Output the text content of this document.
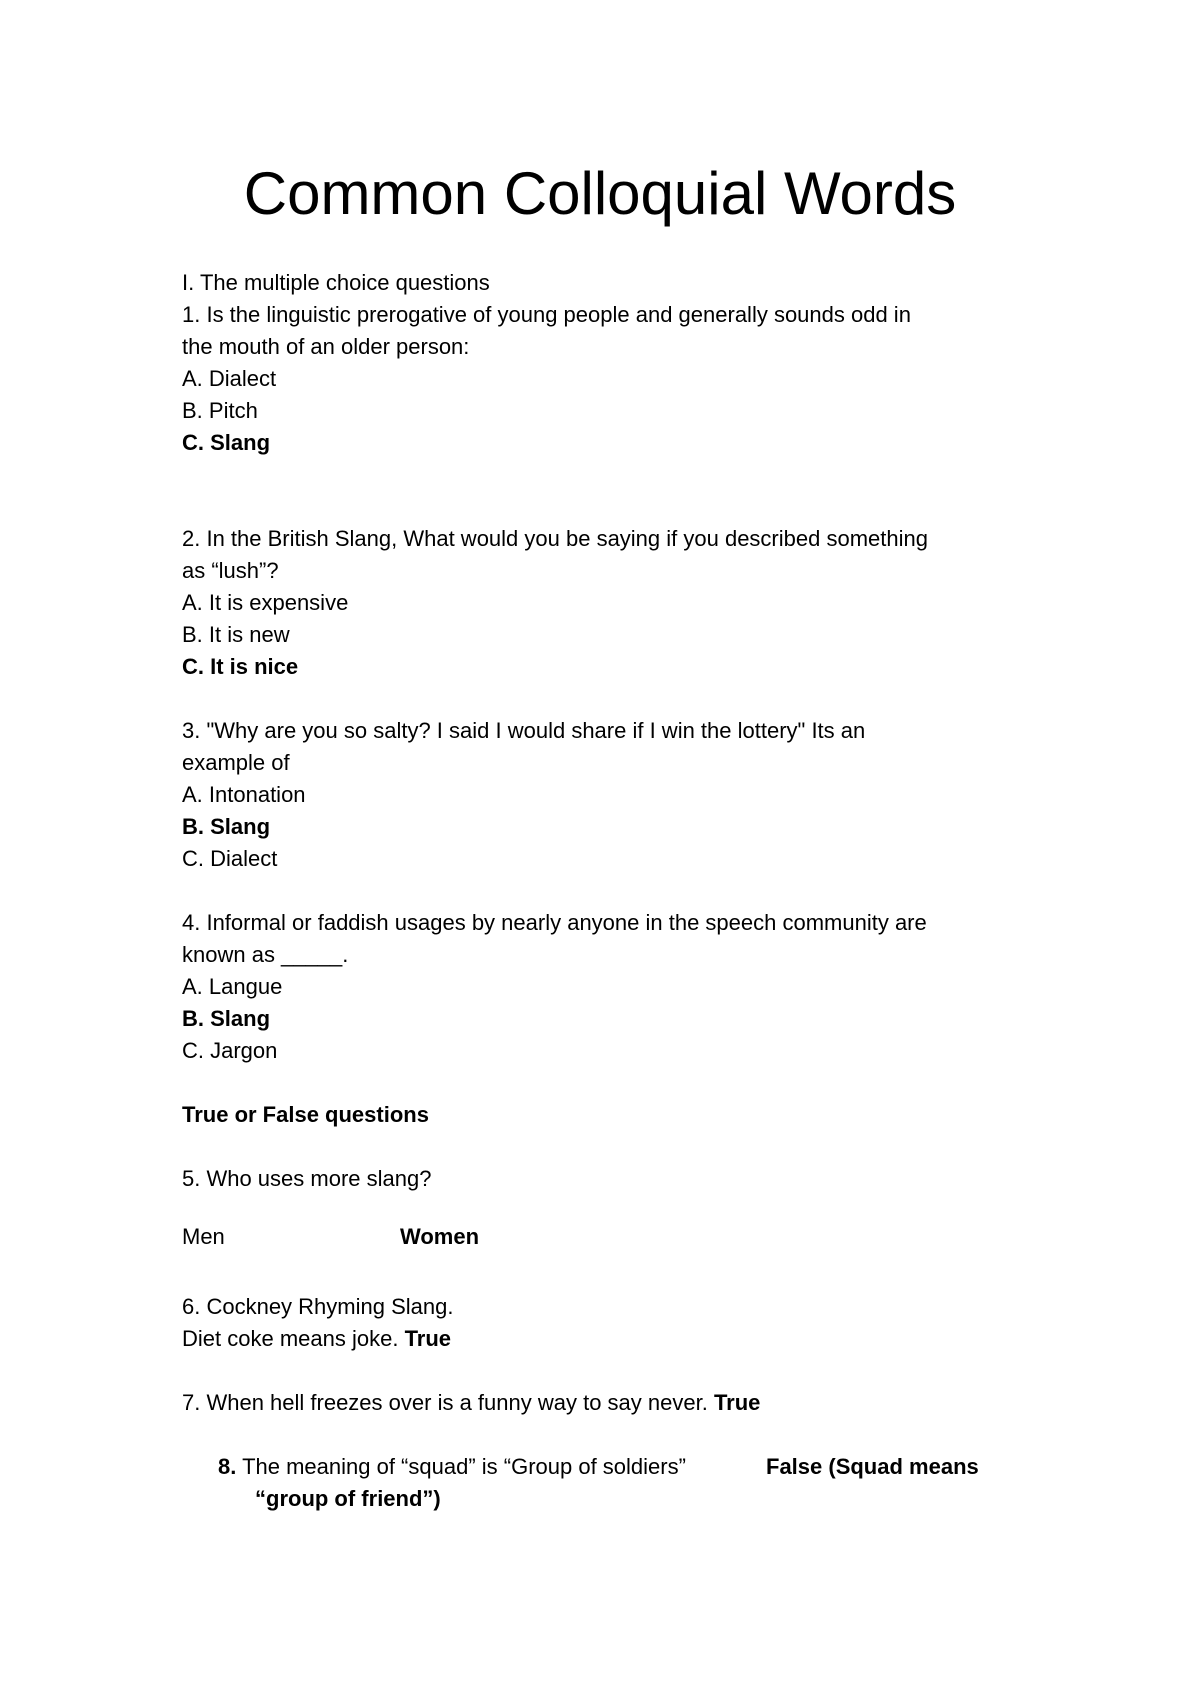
Common Colloquial Words
I. The multiple choice questions
1. Is the linguistic prerogative of young people and generally sounds odd in
the mouth of an older person:
A. Dialect
B. Pitch
C. Slang
2. In the British Slang, What would you be saying if you described something
as “lush”?
A. It is expensive
B. It is new
C. It is nice
3. "Why are you so salty? I said I would share if I win the lottery" Its an
example of
A. Intonation
B. Slang
C. Dialect
4. Informal or faddish usages by nearly anyone in the speech community are
known as _____.
A. Langue
B. Slang
C. Jargon
True or False questions
5. Who uses more slang?
Men	Women
6. Cockney Rhyming Slang.
Diet coke means joke. True
7. When hell freezes over is a funny way to say never. True
8. The meaning of “squad” is “Group of soldiers”	False (Squad means
“group of friend”)
